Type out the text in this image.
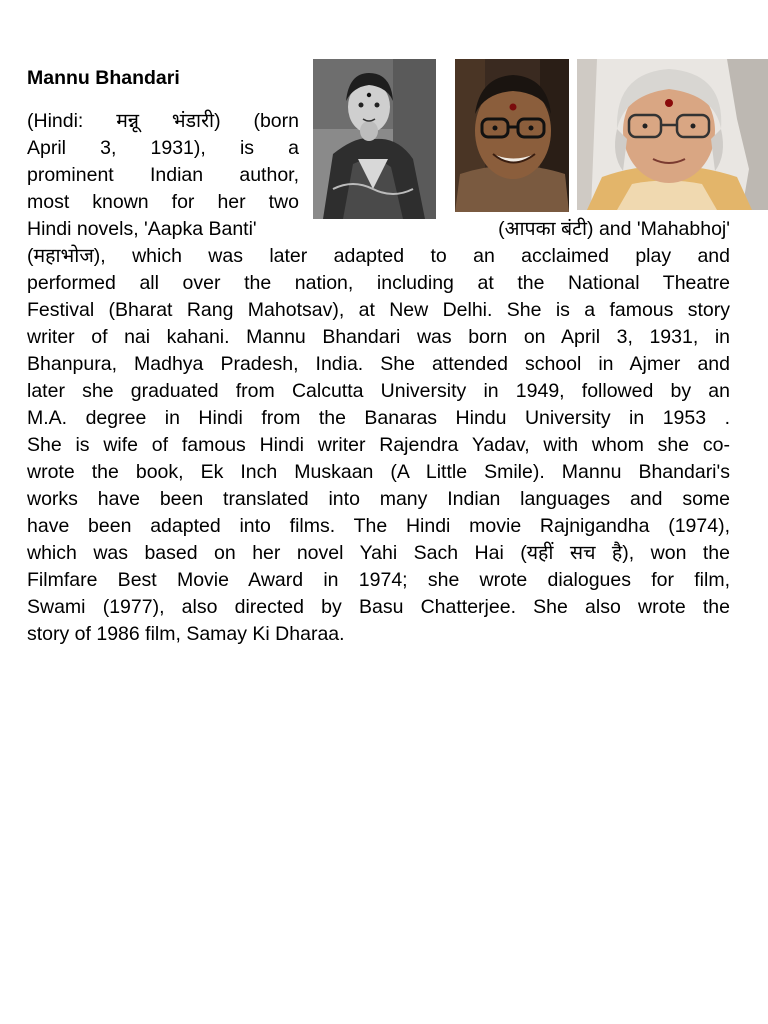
Mannu Bhandari
(Hindi: मन्नू भंडारी) (born
April 3, 1931), is a
prominent Indian author,
most known for her two
Hindi novels, 'Aapka Banti'	(आपका बंटी) and 'Mahabhoj'
(महाभोज), which was later adapted to an acclaimed play and
performed all over the nation, including at the National Theatre
Festival (Bharat Rang Mahotsav), at New Delhi. She is a famous story
writer of nai kahani. Mannu Bhandari was born on April 3, 1931, in
Bhanpura, Madhya Pradesh, India. She attended school in Ajmer and
later she graduated from Calcutta University in 1949, followed by an
M.A. degree in Hindi from the Banaras Hindu University in 1953 .
She is wife of famous Hindi writer Rajendra Yadav, with whom she co-
wrote the book, Ek Inch Muskaan (A Little Smile). Mannu Bhandari's
works have been translated into many Indian languages and some
have been adapted into films. The Hindi movie Rajnigandha (1974),
which was based on her novel Yahi Sach Hai (यहीं सच है), won the
Filmfare Best Movie Award in 1974; she wrote dialogues for film,
Swami (1977), also directed by Basu Chatterjee. She also wrote the
story of 1986 film, Samay Ki Dharaa.
